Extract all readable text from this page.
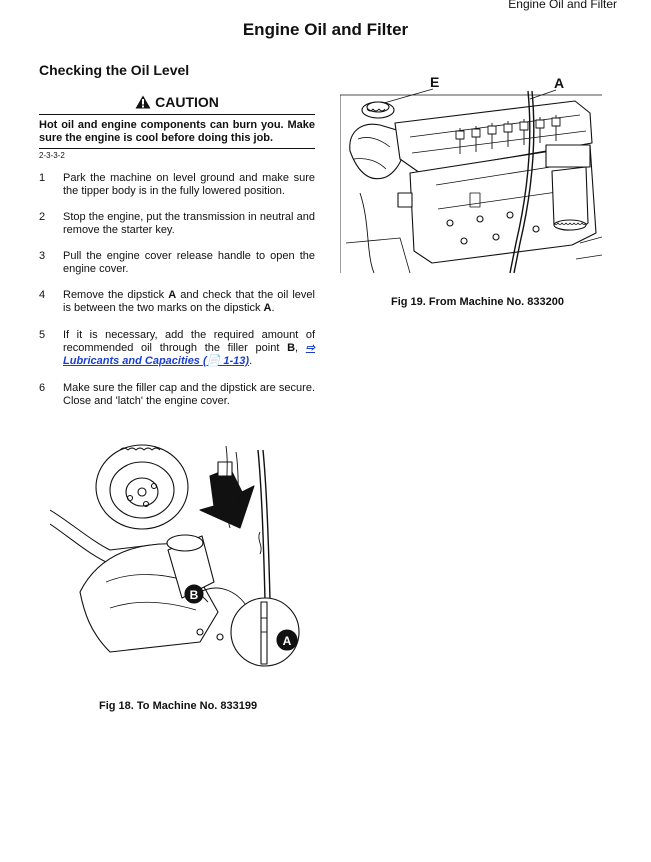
Engine Oil and Filter
Engine Oil and Filter
Checking the Oil Level
CAUTION
Hot oil and engine components can burn you. Make sure the engine is cool before doing this job.
2-3-3-2
1	Park the machine on level ground and make sure the tipper body is in the fully lowered position.
2	Stop the engine, put the transmission in neutral and remove the starter key.
3	Pull the engine cover release handle to open the engine cover.
4	Remove the dipstick A and check that the oil level is between the two marks on the dipstick A.
5	If it is necessary, add the required amount of recommended oil through the filler point B, ⇨ Lubricants and Capacities (📄 1-13).
6	Make sure the filler cap and the dipstick are secure. Close and 'latch' the engine cover.
E	A
Fig 19. From Machine No. 833200
B
A
Fig 18. To Machine No. 833199
